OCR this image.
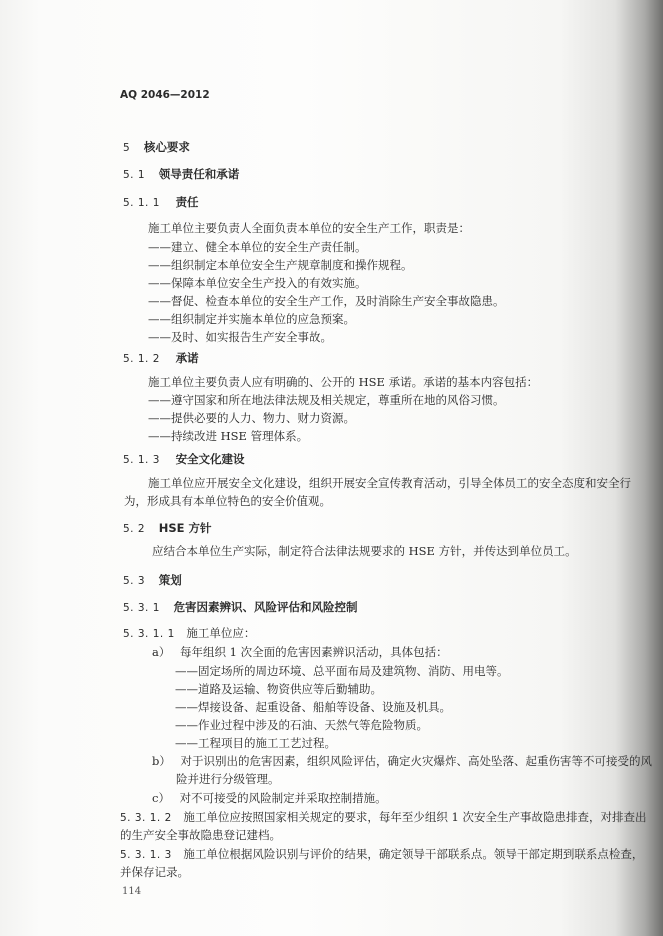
AQ 2046—2012
5 核心要求
5. 1 领导责任和承诺
5. 1. 1 责任
施工单位主要负责人全面负责本单位的安全生产工作，职责是：
——建立、健全本单位的安全生产责任制。
——组织制定本单位安全生产规章制度和操作规程。
——保障本单位安全生产投入的有效实施。
——督促、检查本单位的安全生产工作，及时消除生产安全事故隐患。
——组织制定并实施本单位的应急预案。
——及时、如实报告生产安全事故。
5. 1. 2 承诺
施工单位主要负责人应有明确的、公开的 HSE 承诺。承诺的基本内容包括：
——遵守国家和所在地法律法规及相关规定，尊重所在地的风俗习惯。
——提供必要的人力、物力、财力资源。
——持续改进 HSE 管理体系。
5. 1. 3 安全文化建设
施工单位应开展安全文化建设，组织开展安全宣传教育活动，引导全体员工的安全态度和安全行
为，形成具有本单位特色的安全价值观。
5. 2 HSE 方针
应结合本单位生产实际，制定符合法律法规要求的 HSE 方针，并传达到单位员工。
5. 3 策划
5. 3. 1 危害因素辨识、风险评估和风险控制
5. 3. 1. 1 施工单位应：
a） 每年组织 1 次全面的危害因素辨识活动，具体包括：
——固定场所的周边环境、总平面布局及建筑物、消防、用电等。
——道路及运输、物资供应等后勤辅助。
——焊接设备、起重设备、船舶等设备、设施及机具。
——作业过程中涉及的石油、天然气等危险物质。
——工程项目的施工工艺过程。
b） 对于识别出的危害因素，组织风险评估，确定火灾爆炸、高处坠落、起重伤害等不可接受的风
险并进行分级管理。
c） 对不可接受的风险制定并采取控制措施。
5. 3. 1. 2 施工单位应按照国家相关规定的要求，每年至少组织 1 次安全生产事故隐患排查，对排查出
的生产安全事故隐患登记建档。
5. 3. 1. 3 施工单位根据风险识别与评价的结果，确定领导干部联系点。领导干部定期到联系点检查，
并保存记录。
114
